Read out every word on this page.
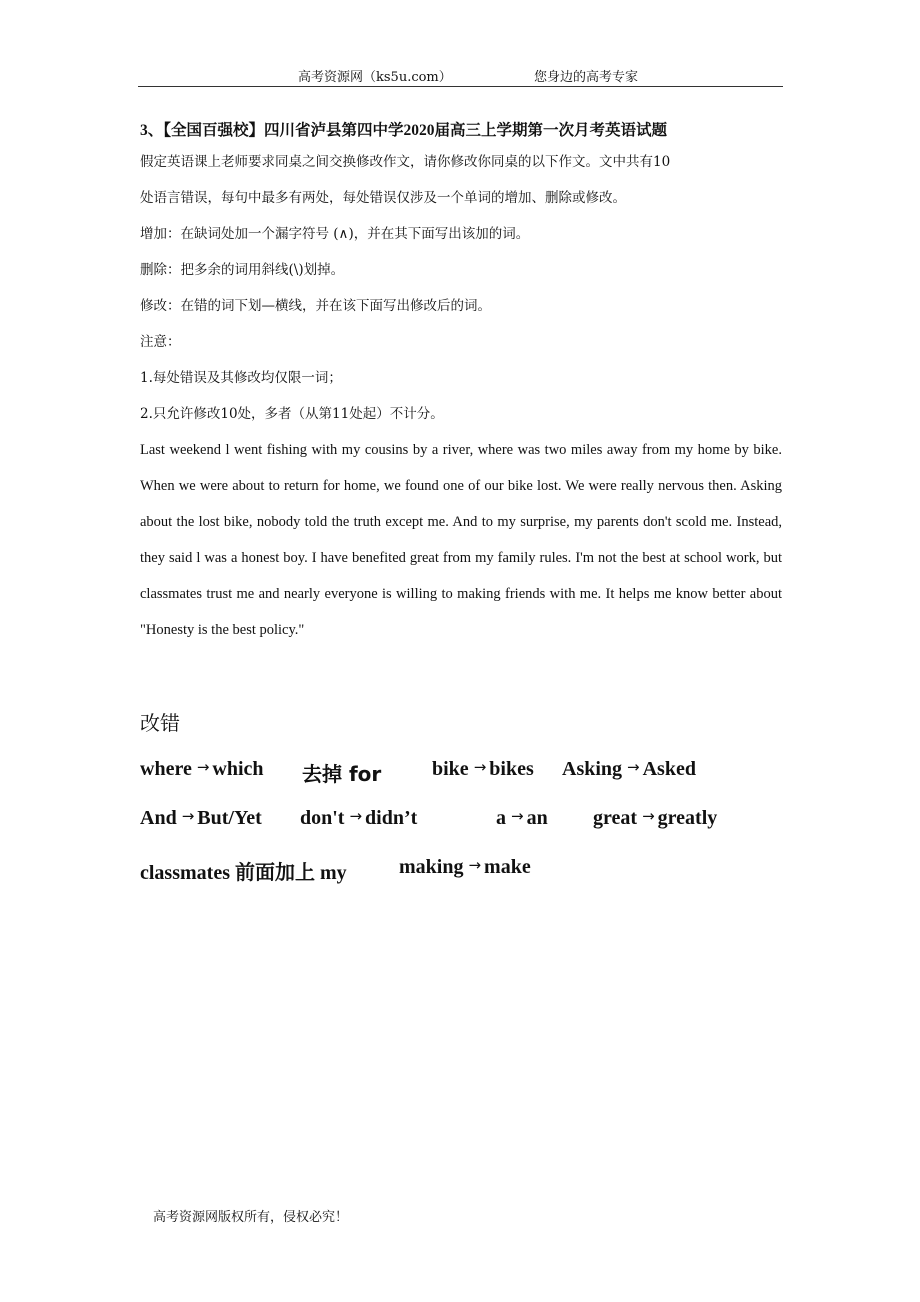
高考资源网（ks5u.com）	您身边的高考专家
3、【全国百强校】四川省泸县第四中学2020届高三上学期第一次月考英语试题
假定英语课上老师要求同桌之间交换修改作文，请你修改你同桌的以下作文。文中共有10
处语言错误，每句中最多有两处，每处错误仅涉及一个单词的增加、删除或修改。
增加：在缺词处加一个漏字符号 (∧)，并在其下面写出该加的词。
删除：把多余的词用斜线(\)划掉。
修改：在错的词下划—横线，并在该下面写出修改后的词。
注意：
1.每处错误及其修改均仅限一词；
2.只允许修改10处，多者（从第11处起）不计分。
Last weekend l went fishing with my cousins by a river, where was two miles away from my home by bike. When we were about to return for home, we found one of our bike lost. We were really nervous then. Asking about the lost bike, nobody told the truth except me. And to my surprise, my parents don't scold me. Instead, they said l was a honest boy. I have benefited great from my family rules. I'm not the best at school work, but classmates trust me and nearly everyone is willing to making friends with me. It helps me know better about "Honesty is the best policy."
改错
where → which 去掉 for	bike → bikes Asking → Asked
And → But/Yet don't → didn’t	a → an great → greatly
classmates 前面加上 my	making → make
高考资源网版权所有，侵权必究！
